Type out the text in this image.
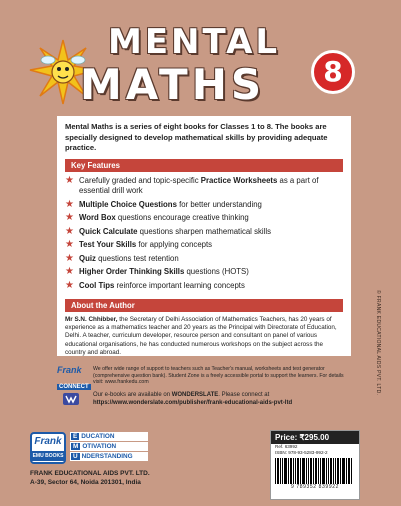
MENTAL
MATHS	8

Mental Maths is a series of eight books for Classes 1 to 8. The books are specially designed to develop mathematical skills by providing adequate practice.

Key Features
★ Carefully graded and topic-specific Practice Worksheets as a part of essential drill work
★ Multiple Choice Questions for better understanding
★ Word Box questions encourage creative thinking
★ Quick Calculate questions sharpen mathematical skills
★ Test Your Skills for applying concepts
★ Quiz questions test retention
★ Higher Order Thinking Skills questions (HOTS)
★ Cool Tips reinforce important learning concepts
About the Author

Mr S.N. Chhibber, the Secretary of Delhi Association of Mathematics Teachers, has 20 years of experience as a mathematics teacher and 20 years as the Principal with Directorate of Education, Delhi. A teacher, curriculum developer, resource person and consultant on panel of various educational organisations, he has conducted numerous workshops on the subject across the country and abroad.	© FRANK EDUCATIONAL AIDS PVT. LTD.
Frank
CONNECT
We offer wide range of support to teachers such as Teacher's manual, worksheets and test generator (comprehensive question bank). Student Zone is a freely accessible portal to support the learners. For details visit: www.frankedu.com
Our e-books are available on WONDERSLATE. Please connect at
https://www.wonderslate.com/publisher/frank-educational-aids-pvt-ltd
Frank
EMU BOOKS
E DUCATION
M OTIVATION
U NDERSTANDING
FRANK EDUCATIONAL AIDS PVT. LTD.
A-39, Sector 64, Noida 201301, India
Price: ₹295.00
Ref. 63992
ISBN: 978-93-5283-992-2
9 789352 839922
